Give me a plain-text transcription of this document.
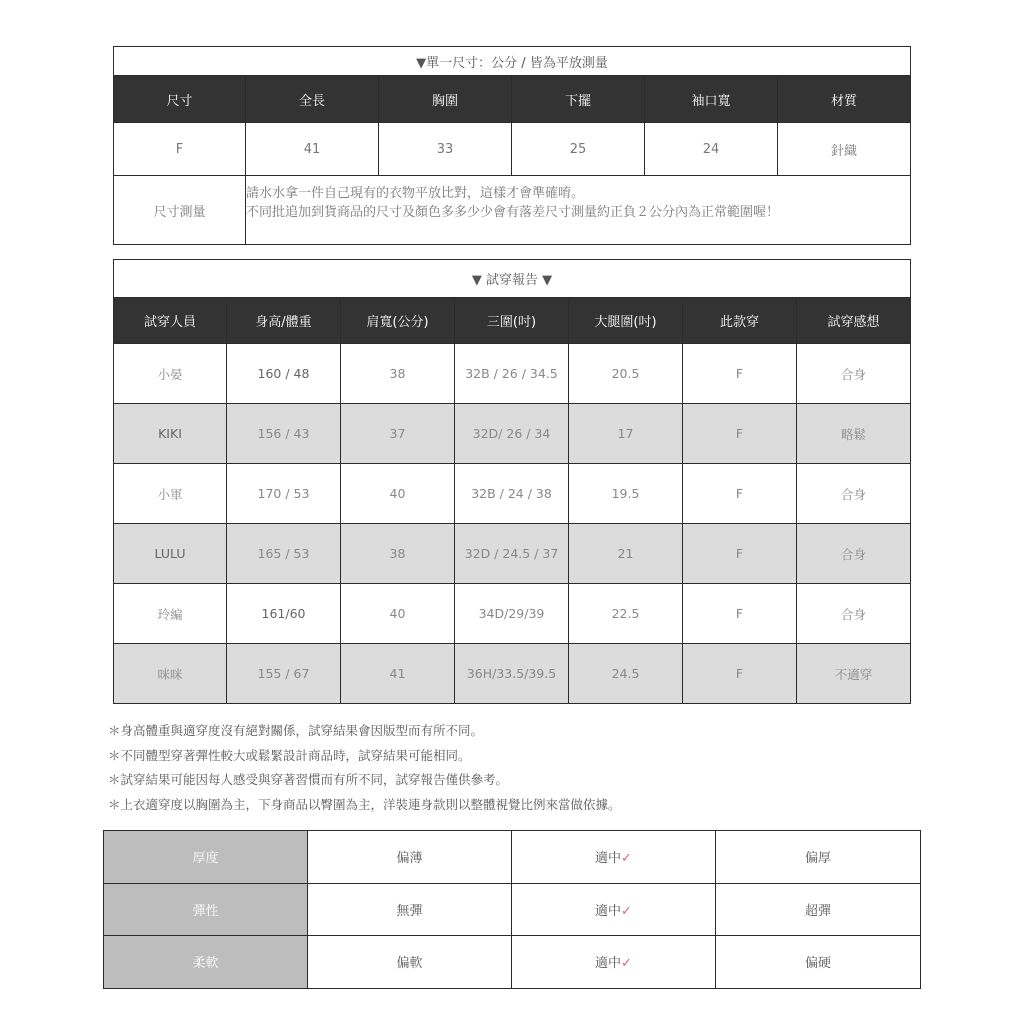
▼單一尺寸：公分 / 皆為平放測量					
尺寸	全長	胸圍	下擺	袖口寬	材質
F	41	33	25	24	針織
尺寸測量	請水水拿一件自己現有的衣物平放比對，這樣才會準確唷。
不同批追加到貨商品的尺寸及顏色多多少少會有落差尺寸測量約正負２公分內為正常範圍喔！				
▼ 試穿報告 ▼						
試穿人員	身高/體重	肩寬(公分)	三圍(吋)	大腿圍(吋)	此款穿	試穿感想
小晏	160 / 48	38	32B / 26 / 34.5	20.5	F	合身
KIKI	156 / 43	37	32D/ 26 / 34	17	F	略鬆
小軍	170 / 53	40	32B / 24 / 38	19.5	F	合身
LULU	165 / 53	38	32D / 24.5 / 37	21	F	合身
玲編	161/60	40	34D/29/39	22.5	F	合身
咪咪	155 / 67	41	36H/33.5/39.5	24.5	F	不適穿
＊身高體重與適穿度沒有絕對關係，試穿結果會因版型而有所不同。
＊不同體型穿著彈性較大或鬆緊設計商品時，試穿結果可能相同。
＊試穿結果可能因每人感受與穿著習慣而有所不同，試穿報告僅供參考。
＊上衣適穿度以胸圍為主，下身商品以臀圍為主，洋裝連身款則以整體視覺比例來當做依據。
厚度	偏薄	適中✓	偏厚
彈性	無彈	適中✓	超彈
柔軟	偏軟	適中✓	偏硬
